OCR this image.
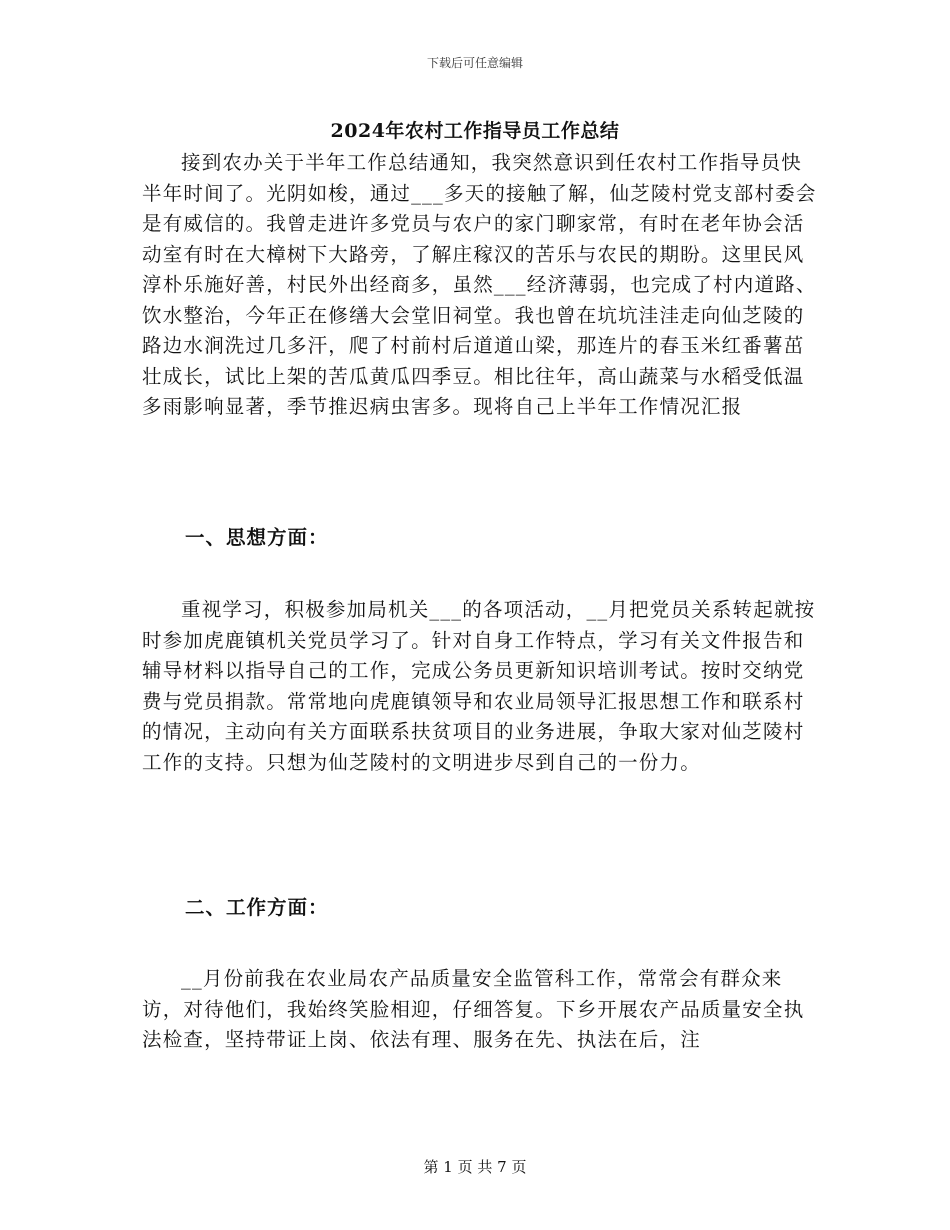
下载后可任意编辑
2024年农村工作指导员工作总结

接到农办关于半年工作总结通知，我突然意识到任农村工作指导员快半年时间了。光阴如梭，通过___多天的接触了解，仙芝陵村党支部村委会是有威信的。我曾走进许多党员与农户的家门聊家常，有时在老年协会活动室有时在大樟树下大路旁，了解庄稼汉的苦乐与农民的期盼。这里民风淳朴乐施好善，村民外出经商多，虽然___经济薄弱，也完成了村内道路、饮水整治，今年正在修缮大会堂旧祠堂。我也曾在坑坑洼洼走向仙芝陵的路边水涧洗过几多汗，爬了村前村后道道山梁，那连片的春玉米红番薯茁壮成长，试比上架的苦瓜黄瓜四季豆。相比往年，高山蔬菜与水稻受低温多雨影响显著，季节推迟病虫害多。现将自己上半年工作情况汇报

一、思想方面：

重视学习，积极参加局机关___的各项活动，__月把党员关系转起就按时参加虎鹿镇机关党员学习了。针对自身工作特点，学习有关文件报告和辅导材料以指导自己的工作，完成公务员更新知识培训考试。按时交纳党费与党员捐款。常常地向虎鹿镇领导和农业局领导汇报思想工作和联系村的情况，主动向有关方面联系扶贫项目的业务进展，争取大家对仙芝陵村工作的支持。只想为仙芝陵村的文明进步尽到自己的一份力。

二、工作方面：

__月份前我在农业局农产品质量安全监管科工作，常常会有群众来访，对待他们，我始终笑脸相迎，仔细答复。下乡开展农产品质量安全执法检查，坚持带证上岗、依法有理、服务在先、执法在后，注

第 1 页 共 7 页
